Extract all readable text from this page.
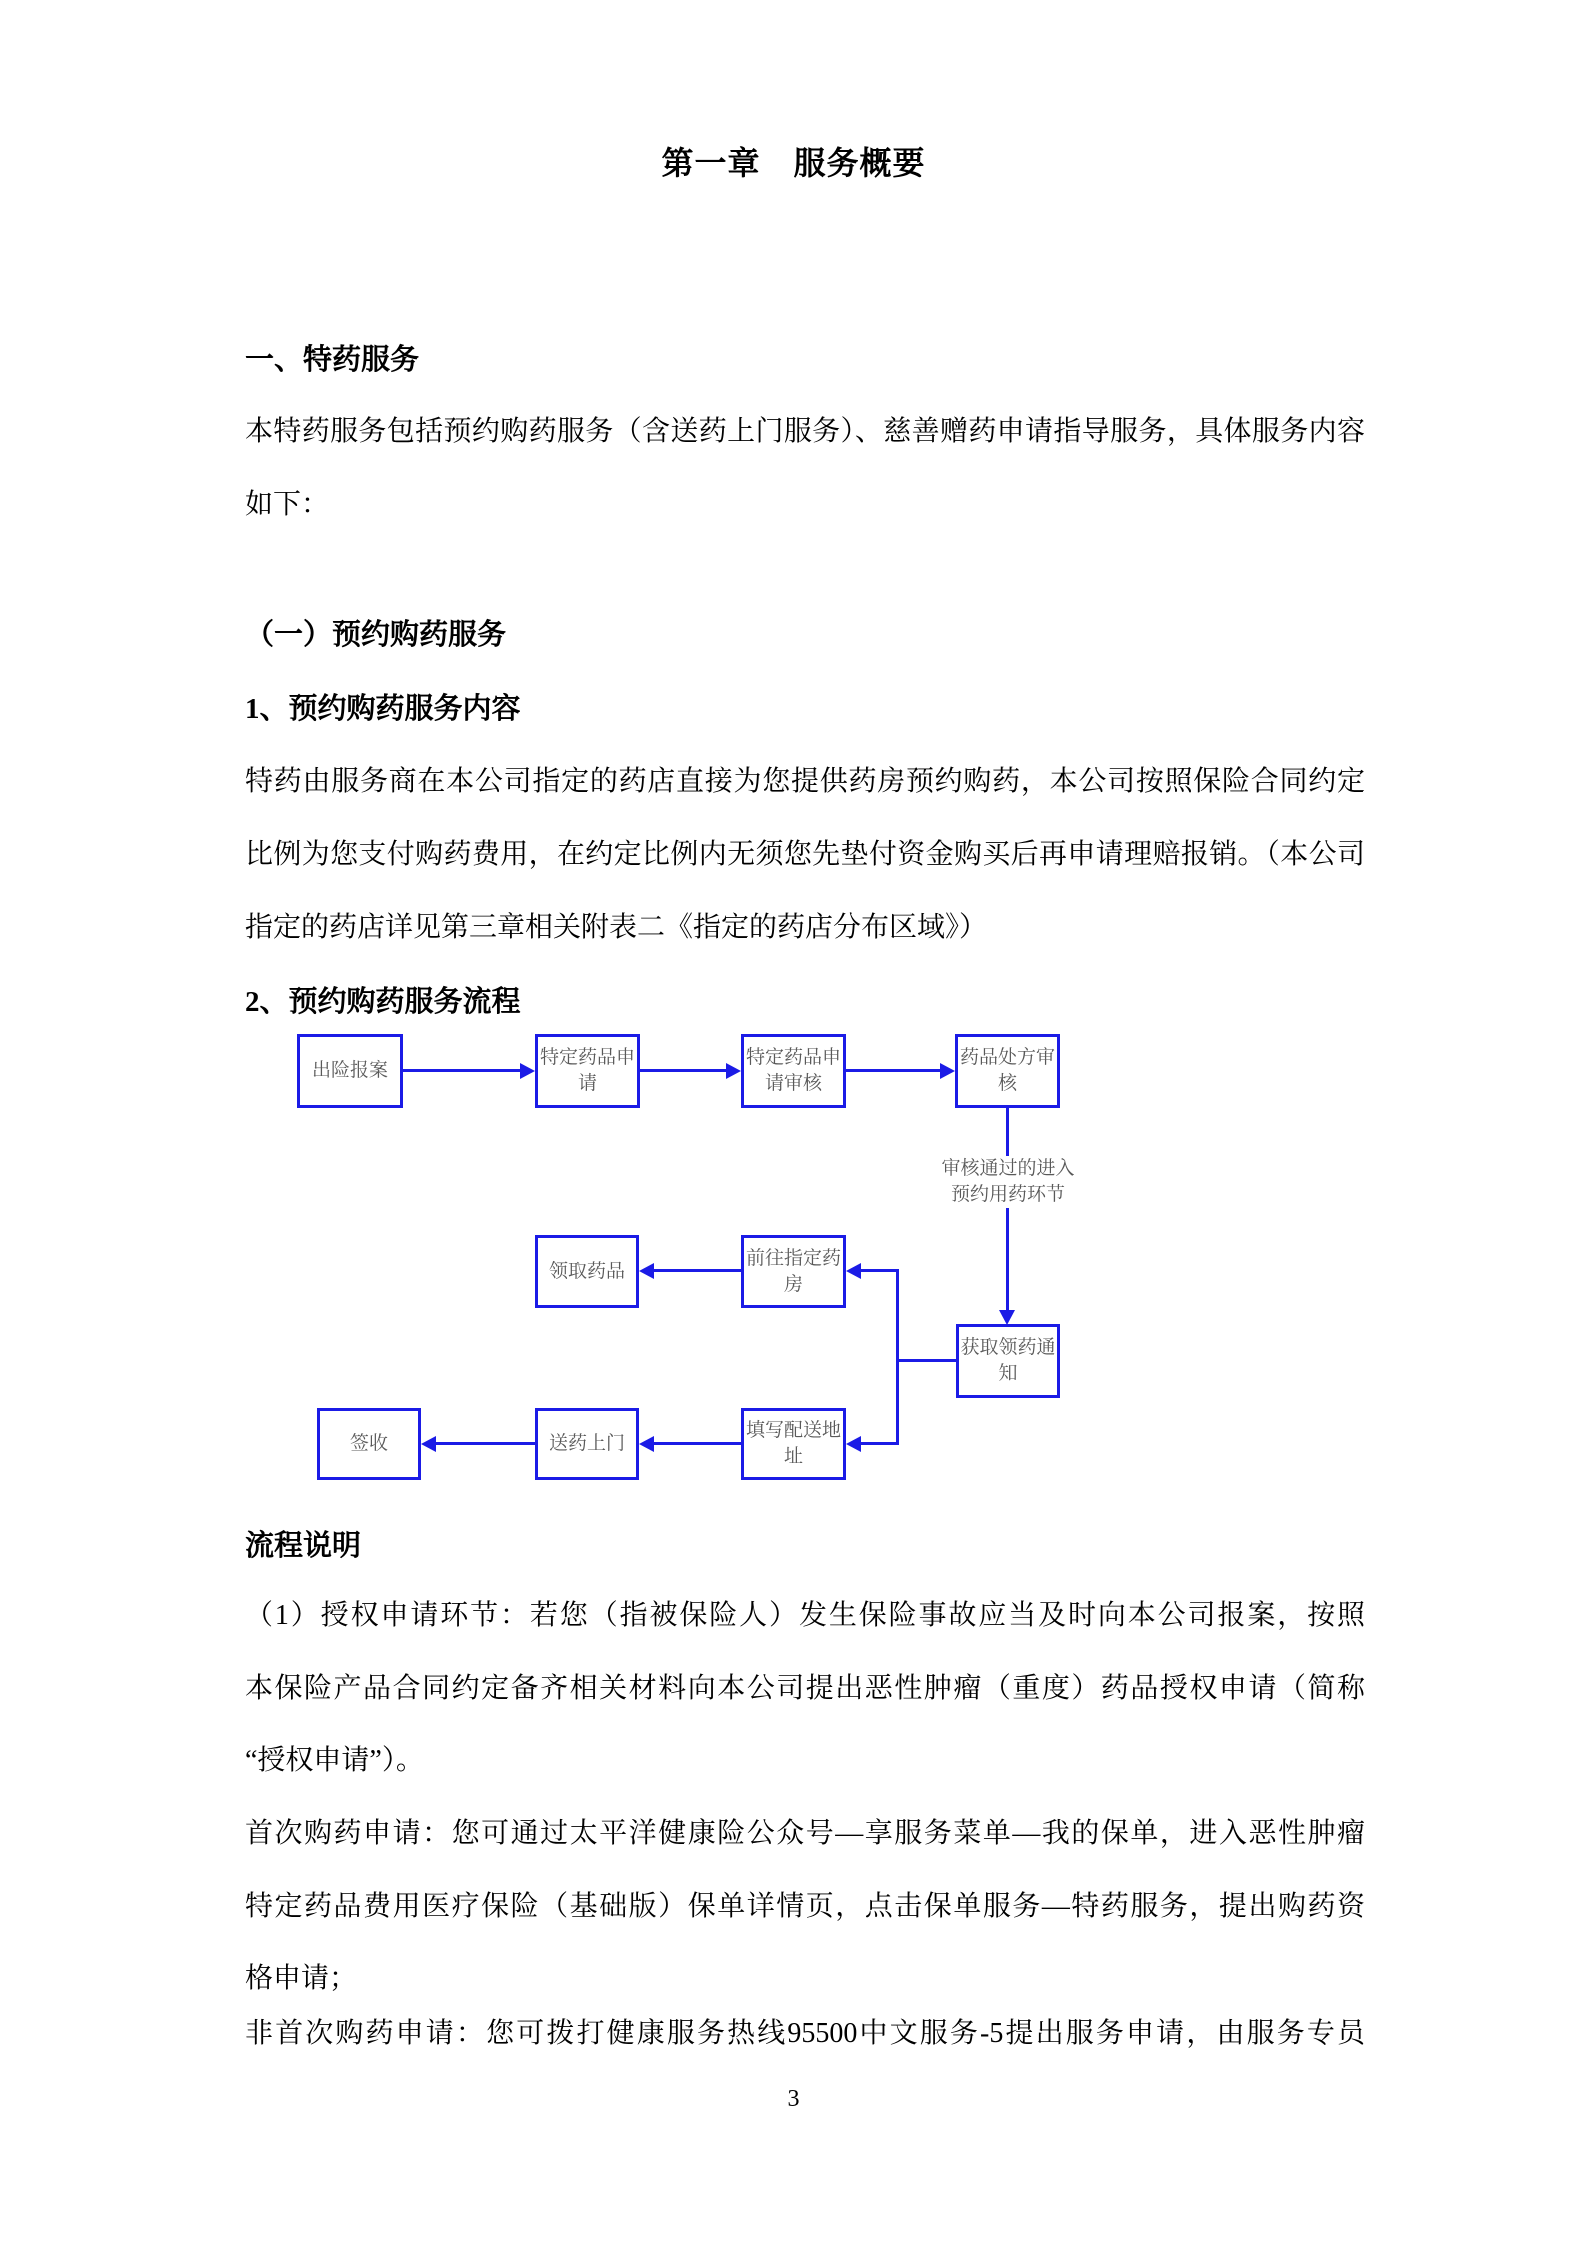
第一章　服务概要
一、特药服务
本特药服务包括预约购药服务（含送药上门服务）、慈善赠药申请指导服务，具体服务内容
如下：
（一）预约购药服务
1、预约购药服务内容
特药由服务商在本公司指定的药店直接为您提供药房预约购药，本公司按照保险合同约定
比例为您支付购药费用，在约定比例内无须您先垫付资金购买后再申请理赔报销。（本公司
指定的药店详见第三章相关附表二《指定的药店分布区域》）
2、预约购药服务流程
出险报案
特定药品申请
特定药品申请审核
药品处方审核
审核通过的进入
预约用药环节
领取药品
前往指定药房
获取领药通知
签收	送药上门
填写配送地址
流程说明
（1）授权申请环节：若您（指被保险人）发生保险事故应当及时向本公司报案，按照
本保险产品合同约定备齐相关材料向本公司提出恶性肿瘤（重度）药品授权申请（简称
“授权申请”）。
首次购药申请：您可通过太平洋健康险公众号—享服务菜单—我的保单，进入恶性肿瘤
特定药品费用医疗保险（基础版）保单详情页，点击保单服务—特药服务，提出购药资
格申请；
非首次购药申请：您可拨打健康服务热线95500中文服务-5提出服务申请，由服务专员
3
